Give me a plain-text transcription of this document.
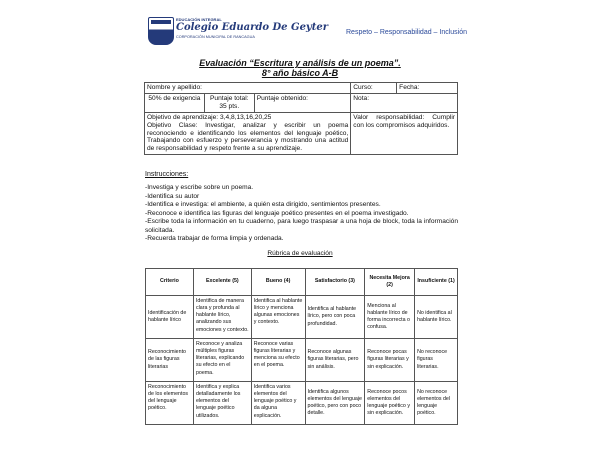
EDUCACIÓN INTEGRAL
Colegio Eduardo De Geyter
CORPORACIÓN MUNICIPAL DE RANCAGUA
Respeto – Responsabilidad – Inclusión
Evaluación “Escritura y análisis de un poema”.
8° año básico A-B
Nombre y apellido:			Curso:	Fecha:
50% de exigencia	Puntaje total: 35 pts.	Puntaje obtenido:	Nota:	

Objetivo de aprendizaje: 3,4,8,13,16,20,25
Objetivo Clase: Investigar, analizar y escribir un poema reconociendo e identificando los elementos del lenguaje poético, Trabajando con esfuerzo y perseverancia y mostrando una actitud de responsabilidad y respeto frente a su aprendizaje.			Valor responsabilidad: Cumplir con los compromisos adquiridos.	
Instrucciones:

-Investiga y escribe sobre un poema.

-Identifica su autor

-Identifica e investiga: el ambiente, a quién esta dirigido, sentimientos presentes.

-Reconoce e identifica las figuras del lenguaje poético presentes en el poema investigado.

-Escribe toda la información en tu cuaderno, para luego traspasar a una hoja de block, toda la información solicitada.

-Recuerda trabajar de forma limpia y ordenada.

Rúbrica de evaluación
Criterio	Excelente (5)	Bueno (4)	Satisfactorio (3)	Necesita Mejora (2)	Insuficiente (1)
Identificación de hablante lírico	Identifica de manera clara y profunda al hablante lírico, analizando sus emociones y contexto.	Identifica al hablante lírico y menciona algunas emociones y contexto.	Identifica al hablante lírico, pero con poca profundidad.	Menciona al hablante lírico de forma incorrecta o confusa.	No identifica al hablante lírico.
Reconocimiento de las figuras literarias	Reconoce y analiza múltiples figuras literarias, explicando su efecto en el poema.	Reconoce varias figuras literarias y menciona su efecto en el poema.	Reconoce algunas figuras literarias, pero sin análisis.	Reconoce pocas figuras literarias y sin explicación.	No reconoce figuras literarias.
Reconocimiento de los elementos del lenguaje poético.	Identifica y explica detalladamente los elementos del lenguaje poético utilizados.	Identifica varios elementos del lenguaje poético y da alguna explicación.	Identifica algunos elementos del lenguaje poético, pero con poco detalle.	Reconoce pocos elementos del lenguaje poético y sin explicación.	No reconoce elementos del lenguaje poético.
